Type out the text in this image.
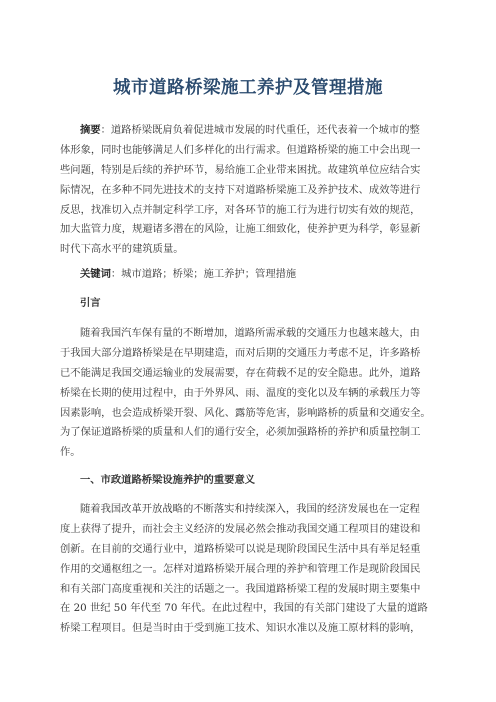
城市道路桥梁施工养护及管理措施
摘要：道路桥梁既肩负着促进城市发展的时代重任，还代表着一个城市的整
体形象，同时也能够满足人们多样化的出行需求。但道路桥梁的施工中会出现一
些问题，特别是后续的养护环节，易给施工企业带来困扰。故建筑单位应结合实
际情况，在多种不同先进技术的支持下对道路桥梁施工及养护技术、成效等进行
反思，找准切入点并制定科学工序，对各环节的施工行为进行切实有效的规范，
加大监管力度，规避诸多潜在的风险，让施工细致化，使养护更为科学，彰显新
时代下高水平的建筑质量。
关键词：城市道路；桥梁；施工养护；管理措施
引言
随着我国汽车保有量的不断增加，道路所需承载的交通压力也越来越大，由
于我国大部分道路桥梁是在早期建造，而对后期的交通压力考虑不足，许多路桥
已不能满足我国交通运输业的发展需要，存在荷载不足的安全隐患。此外，道路
桥梁在长期的使用过程中，由于外界风、雨、温度的变化以及车辆的承载压力等
因素影响，也会造成桥梁开裂、风化、露筋等危害，影响路桥的质量和交通安全。
为了保证道路桥梁的质量和人们的通行安全，必须加强路桥的养护和质量控制工
作。
一、市政道路桥梁设施养护的重要意义
随着我国改革开放战略的不断落实和持续深入，我国的经济发展也在一定程
度上获得了提升，而社会主义经济的发展必然会推动我国交通工程项目的建设和
创新。在目前的交通行业中，道路桥梁可以说是现阶段国民生活中具有举足轻重
作用的交通枢纽之一。怎样对道路桥梁开展合理的养护和管理工作是现阶段国民
和有关部门高度重视和关注的话题之一。我国道路桥梁工程的发展时期主要集中
在 20 世纪 50 年代至 70 年代。在此过程中，我国的有关部门建设了大量的道路
桥梁工程项目。但是当时由于受到施工技术、知识水准以及施工原材料的影响，
